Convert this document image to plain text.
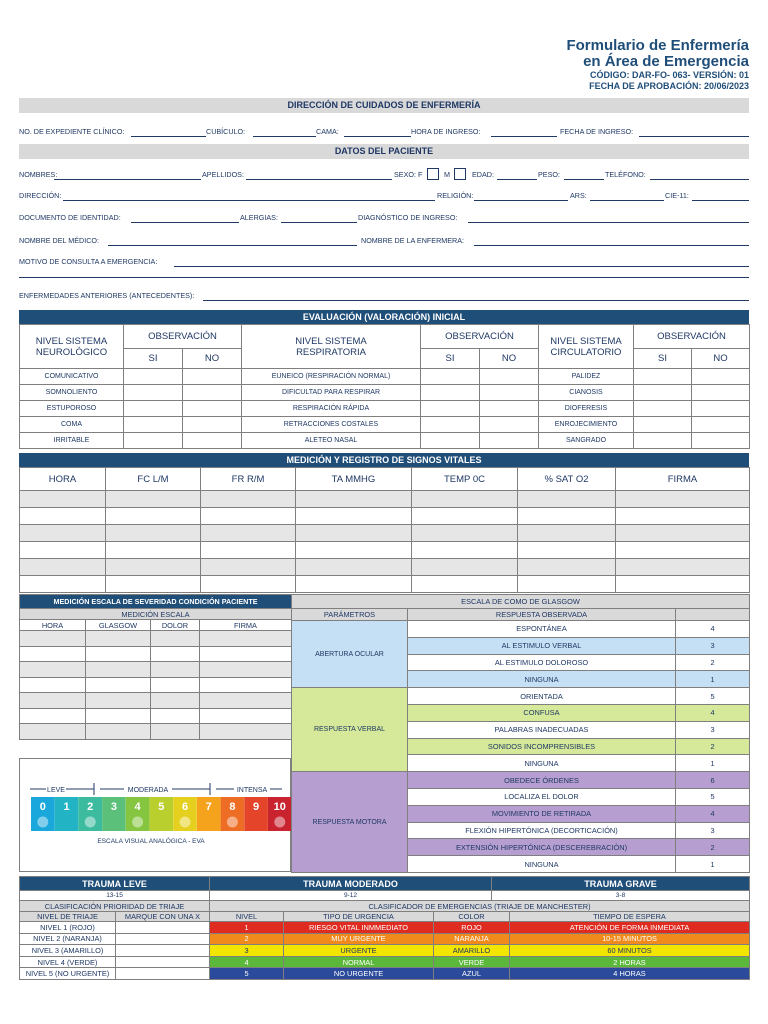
Formulario de Enfermería
en Área de Emergencia
CÓDIGO: DAR-FO- 063- VERSIÓN: 01
FECHA DE APROBACIÓN: 20/06/2023
DIRECCIÓN DE CUIDADOS DE ENFERMERÍA
NO. DE EXPEDIENTE CLÍNICO:	CUBÍCULO:	CAMA:	HORA DE INGRESO:	FECHA DE INGRESO:
DATOS DEL PACIENTE
NOMBRES:	APELLIDOS:	SEXO: F	M	EDAD:	PESO:	TELÉFONO:
DIRECCIÓN:	RELIGIÓN:	ARS:	CIE-11:
DOCUMENTO DE IDENTIDAD:	ALERGIAS:	DIAGNÓSTICO DE INGRESO:
NOMBRE DEL MÉDICO:	NOMBRE DE LA ENFERMERA:
MOTIVO DE CONSULTA A EMERGENCIA:
ENFERMEDADES ANTERIORES (ANTECEDENTES):
EVALUACIÓN (VALORACIÓN) INICIAL
NIVEL SISTEMA NEUROLÓGICO	OBSERVACIÓN		NIVEL SISTEMA RESPIRATORIA	OBSERVACIÓN		NIVEL SISTEMA CIRCULATORIO	OBSERVACIÓN	
	SI	NO		SI	NO		SI	NO
COMUNICATIVO			EUNEICO (RESPIRACIÓN NORMAL)			PALIDEZ		
SOMNOLIENTO			DIFICULTAD PARA RESPIRAR			CIANOSIS		
ESTUPOROSO			RESPIRACIÓN RÁPIDA			DIOFERESIS		
COMA			RETRACCIONES COSTALES			ENROJECIMIENTO		
IRRITABLE			ALETEO NASAL			SANGRADO		
MEDICIÓN Y REGISTRO DE SIGNOS VITALES
HORA	FC L/M	FR R/M	TA MMHG	TEMP 0C	% SAT O2	FIRMA

MEDICIÓN ESCALA DE SEVERIDAD CONDICIÓN PACIENTE			
MEDICIÓN ESCALA			
HORA	GLASGOW	DOLOR	FIRMA

LEVE	MODERADA	INTENSA
0 1 2 3 4 5 6 7 8 9 10
ESCALA VISUAL ANALÓGICA - EVA
ESCALA DE COMO DE GLASGOW		
PARÁMETROS	RESPUESTA OBSERVADA	
ABERTURA OCULAR	ESPONTÁNEA	4
	AL ESTIMULO VERBAL	3
	AL ESTIMULO DOLOROSO	2
	NINGUNA	1
RESPUESTA VERBAL	ORIENTADA	5
	CONFUSA	4
	PALABRAS INADECUADAS	3
	SONIDOS INCOMPRENSIBLES	2
	NINGUNA	1
RESPUESTA MOTORA	OBEDECE ÓRDENES	6
	LOCALIZA EL DOLOR	5
	MOVIMIENTO DE RETIRADA	4
	FLEXIÓN HIPERTÓNICA (DECORTICACIÓN)	3
	EXTENSIÓN HIPERTÓNICA (DESCEREBRACIÓN)	2
	NINGUNA	1
TRAUMA LEVE	TRAUMA MODERADO	TRAUMA GRAVE
13-15	9-12	3-8
CLASIFICACIÓN PRIORIDAD DE TRIAJE		CLASIFICADOR DE EMERGENCIAS (TRIAJE DE MANCHESTER)			
NIVEL DE TRIAJE	MARQUE CON UNA X	NIVEL	TIPO DE URGENCIA	COLOR	TIEMPO DE ESPERA
NIVEL 1 (ROJO)		1	RIESGO VITAL INMMEDIATO	ROJO	ATENCIÓN DE FORMA INMEDIATA
NIVEL 2 (NARANJA)		2	MUY URGENTE	NARANJA	10-15 MINUTOS
NIVEL 3 (AMARILLO)		3	URGENTE	AMARILLO	60 MINUTOS
NIVEL 4 (VERDE)		4	NORMAL	VERDE	2 HORAS
NIVEL 5 (NO URGENTE)		5	NO URGENTE	AZUL	4 HORAS
